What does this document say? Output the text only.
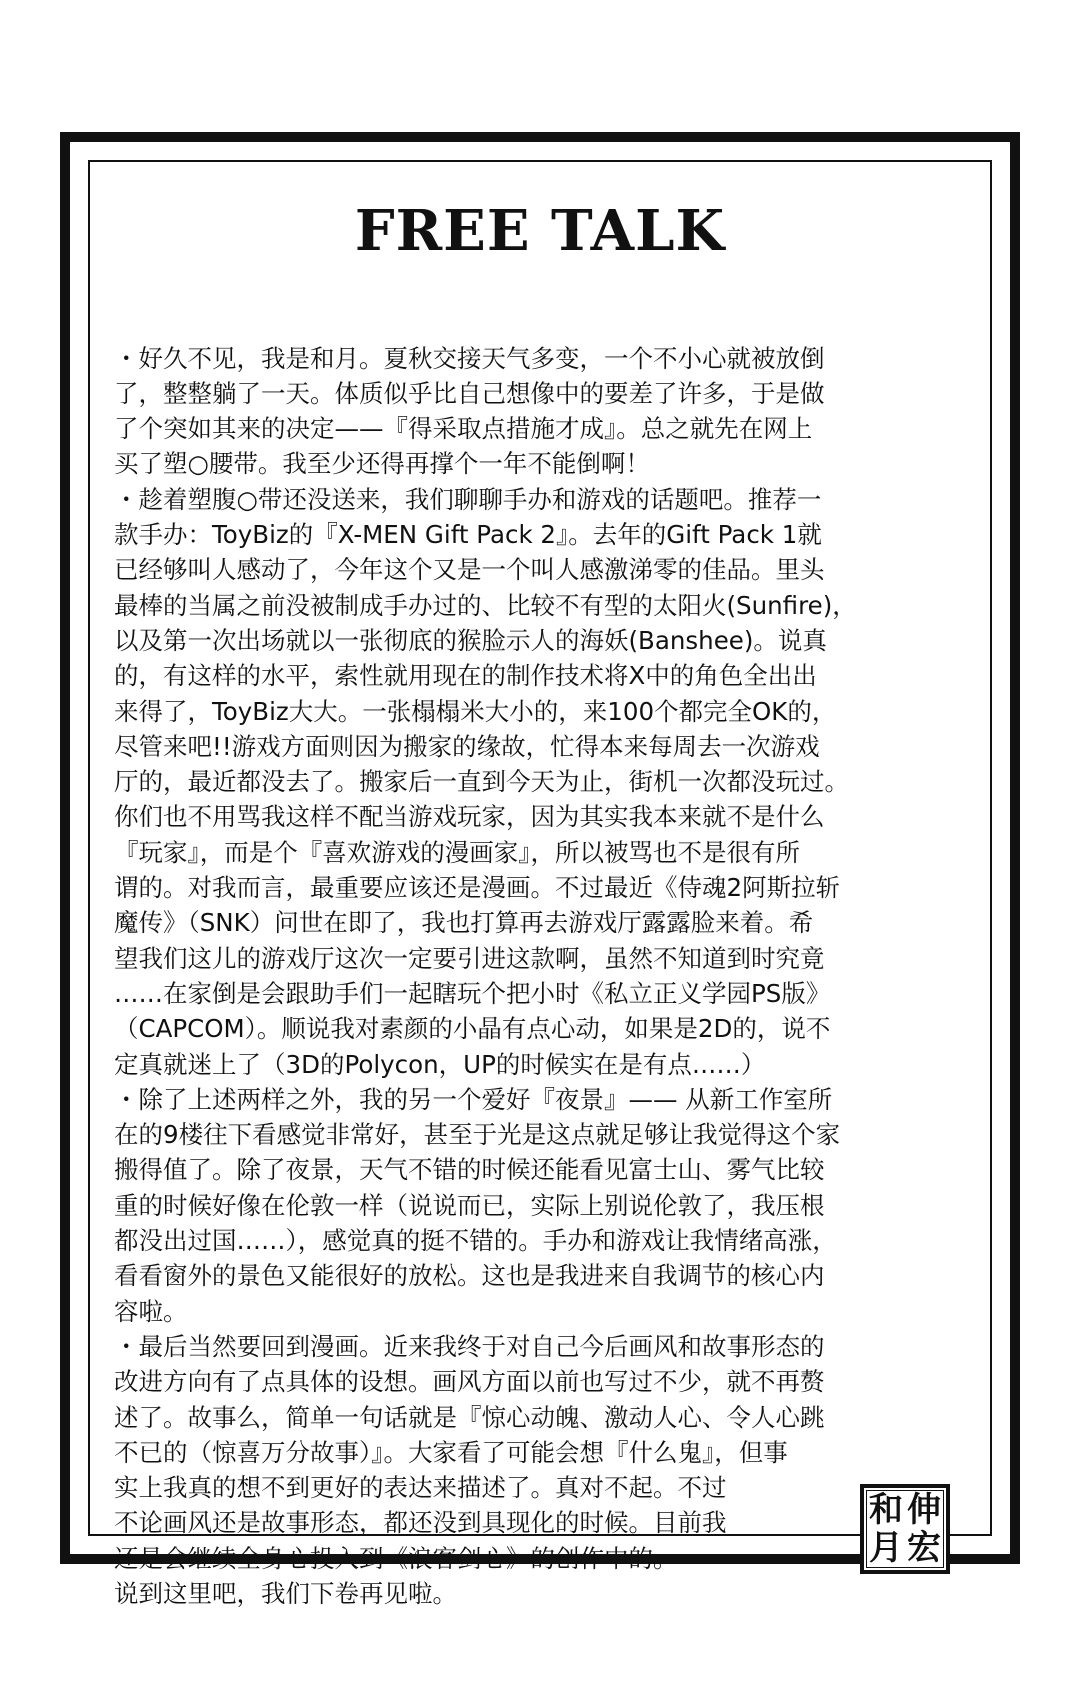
FREE TALK

・好久不见，我是和月。夏秋交接天气多变，一个不小心就被放倒
了，整整躺了一天。体质似乎比自己想像中的要差了许多，于是做
了个突如其来的决定——『得采取点措施才成』。总之就先在网上
买了塑○腰带。我至少还得再撑个一年不能倒啊！
・趁着塑腹○带还没送来，我们聊聊手办和游戏的话题吧。推荐一
款手办：ToyBiz的『X-MEN Gift Pack 2』。去年的Gift Pack 1就
已经够叫人感动了，今年这个又是一个叫人感激涕零的佳品。里头
最棒的当属之前没被制成手办过的、比较不有型的太阳火(Sunfire)，
以及第一次出场就以一张彻底的猴脸示人的海妖(Banshee)。说真
的，有这样的水平，索性就用现在的制作技术将X中的角色全出出
来得了，ToyBiz大大。一张榻榻米大小的，来100个都完全OK的，
尽管来吧!!游戏方面则因为搬家的缘故，忙得本来每周去一次游戏
厅的，最近都没去了。搬家后一直到今天为止，街机一次都没玩过。
你们也不用骂我这样不配当游戏玩家，因为其实我本来就不是什么
『玩家』，而是个『喜欢游戏的漫画家』，所以被骂也不是很有所
谓的。对我而言，最重要应该还是漫画。不过最近《侍魂2阿斯拉斩
魔传》（SNK）问世在即了，我也打算再去游戏厅露露脸来着。希
望我们这儿的游戏厅这次一定要引进这款啊，虽然不知道到时究竟
……在家倒是会跟助手们一起瞎玩个把小时《私立正义学园PS版》
（CAPCOM）。顺说我对素颜的小晶有点心动，如果是2D的，说不
定真就迷上了（3D的Polycon，UP的时候实在是有点……）
・除了上述两样之外，我的另一个爱好『夜景』—— 从新工作室所
在的9楼往下看感觉非常好，甚至于光是这点就足够让我觉得这个家
搬得值了。除了夜景，天气不错的时候还能看见富士山、雾气比较
重的时候好像在伦敦一样（说说而已，实际上别说伦敦了，我压根
都没出过国……），感觉真的挺不错的。手办和游戏让我情绪高涨，
看看窗外的景色又能很好的放松。这也是我进来自我调节的核心内
容啦。
・最后当然要回到漫画。近来我终于对自己今后画风和故事形态的
改进方向有了点具体的设想。画风方面以前也写过不少，就不再赘
述了。故事么，简单一句话就是『惊心动魄、激动人心、令人心跳
不已的（惊喜万分故事）』。大家看了可能会想『什么鬼』，但事
实上我真的想不到更好的表达来描述了。真对不起。不过
不论画风还是故事形态，都还没到具现化的时候。目前我
还是会继续全身心投入到《浪客剑心》的创作中的。
说到这里吧，我们下卷再见啦。

和 伸
月 宏
